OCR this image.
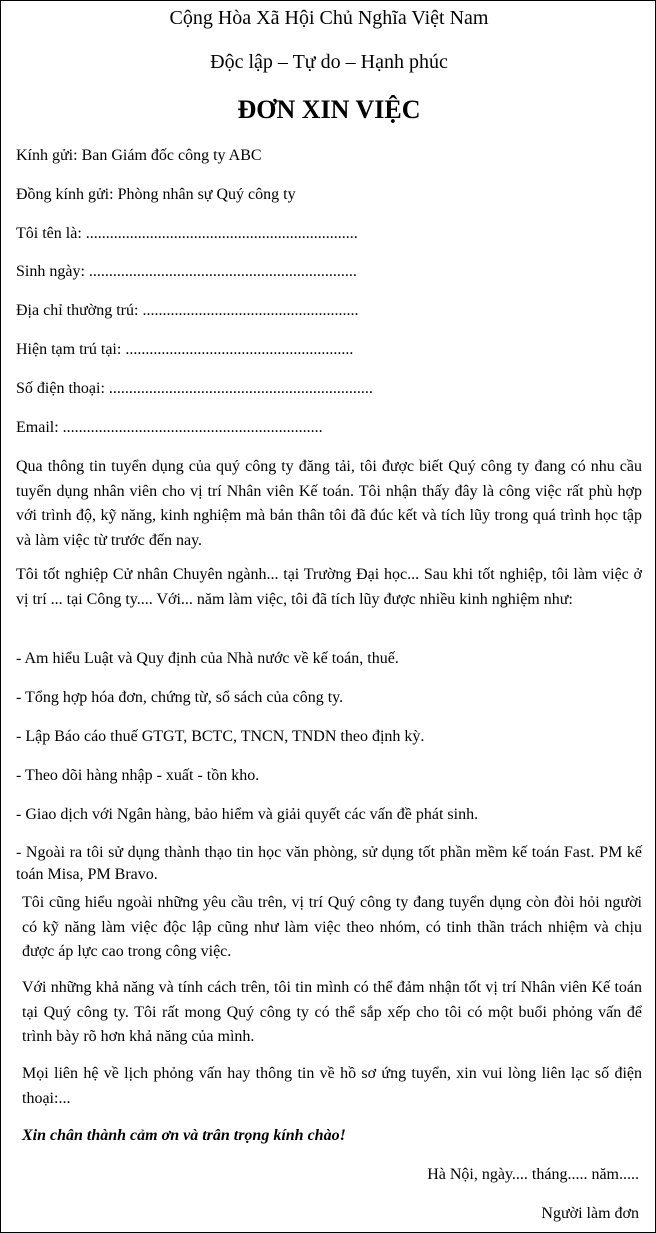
Cộng Hòa Xã Hội Chủ Nghĩa Việt Nam
Độc lập – Tự do – Hạnh phúc
ĐƠN XIN VIỆC
Kính gửi: Ban Giám đốc công ty ABC
Đồng kính gửi: Phòng nhân sự Quý công ty
Tôi tên là: ....................................................................
Sinh ngày: ...................................................................
Địa chỉ thường trú: ......................................................
Hiện tạm trú tại: .........................................................
Số điện thoại: ..................................................................
Email: .................................................................

Qua thông tin tuyển dụng của quý công ty đăng tải, tôi được biết Quý công ty đang có nhu cầu tuyển dụng nhân viên cho vị trí Nhân viên Kế toán. Tôi nhận thấy đây là công việc rất phù hợp với trình độ, kỹ năng, kinh nghiệm mà bản thân tôi đã đúc kết và tích lũy trong quá trình học tập và làm việc từ trước đến nay.

Tôi tốt nghiệp Cử nhân Chuyên ngành... tại Trường Đại học... Sau khi tốt nghiệp, tôi làm việc ở vị trí ... tại Công ty.... Với... năm làm việc, tôi đã tích lũy được nhiều kinh nghiệm như:

- Am hiểu Luật và Quy định của Nhà nước về kế toán, thuế.
- Tổng hợp hóa đơn, chứng từ, sổ sách của công ty.
- Lập Báo cáo thuế GTGT, BCTC, TNCN, TNDN theo định kỳ.
- Theo dõi hàng nhập - xuất - tồn kho.
- Giao dịch với Ngân hàng, bảo hiểm và giải quyết các vấn đề phát sinh.

- Ngoài ra tôi sử dụng thành thạo tin học văn phòng, sử dụng tốt phần mềm kế toán Fast. PM kế toán Misa, PM Bravo.

Tôi cũng hiểu ngoài những yêu cầu trên, vị trí Quý công ty đang tuyển dụng còn đòi hỏi người có kỹ năng làm việc độc lập cũng như làm việc theo nhóm, có tinh thần trách nhiệm và chịu được áp lực cao trong công việc.

Với những khả năng và tính cách trên, tôi tin mình có thể đảm nhận tốt vị trí Nhân viên Kế toán tại Quý công ty. Tôi rất mong Quý công ty có thể sắp xếp cho tôi có một buổi phỏng vấn để trình bày rõ hơn khả năng của mình.

Mọi liên hệ về lịch phỏng vấn hay thông tin về hồ sơ ứng tuyển, xin vui lòng liên lạc số điện thoại:...

Xin chân thành cảm ơn và trân trọng kính chào!
Hà Nội, ngày.... tháng..... năm.....
Người làm đơn
